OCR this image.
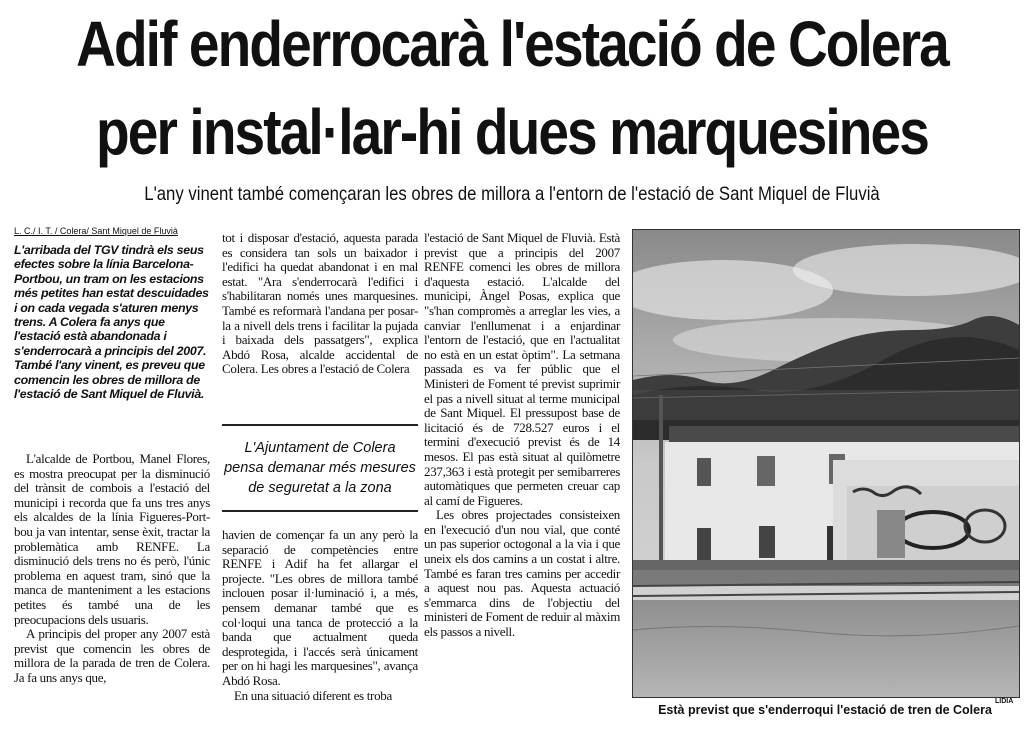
Adif enderrocarà l'estació de Colera
per instal·lar-hi dues marquesines
L'any vinent també començaran les obres de millora a l'entorn de l'estació de Sant Miquel de Fluvià
L. C./ I. T. / Colera/ Sant Miquel de Fluvià
L'arribada del TGV tindrà els seus efectes sobre la línia Barcelona-Portbou, un tram on les estacions més petites han estat descuidades i on cada vegada s'aturen menys trens. A Colera fa anys que l'estació està abandonada i s'enderrocarà a principis del 2007. També l'any vinent, es preveu que comencin les obres de millora de l'estació de Sant Miquel de Fluvià.

L'alcalde de Portbou, Manel Flores, es mostra preocupat per la disminució del trànsit de combois a l'estació del municipi i recorda que fa uns tres anys els alcaldes de la línia Figueres-Port-bou ja van intentar, sense èxit, tractar la problemàtica amb RENFE. La disminució dels trens no és però, l'únic problema en aquest tram, sinó que la manca de manteniment a les estacions petites és també una de les preocupacions dels usuaris.

A principis del proper any 2007 està previst que comencin les obres de millora de la parada de tren de Colera. Ja fa uns anys que,

tot i disposar d'estació, aquesta parada es considera tan sols un baixador i l'edifici ha quedat abandonat i en mal estat. "Ara s'enderrocarà l'edifici i s'habilitaran només unes marquesines. També es reformarà l'andana per posar-la a nivell dels trens i facilitar la pujada i baixada dels passatgers", explica Abdó Rosa, alcalde accidental de Colera. Les obres a l'estació de Colera

L'Ajuntament de Colera
pensa demanar més mesures
de seguretat a la zona

havien de començar fa un any però la separació de competències entre RENFE i Adif ha fet allargar el projecte. "Les obres de millora també inclouen posar il·luminació i, a més, pensem demanar també que es col·loqui una tanca de protecció a la banda que actualment queda desprotegida, i l'accés serà únicament per on hi hagi les marquesines", avança Abdó Rosa.

En una situació diferent es troba

l'estació de Sant Miquel de Fluvià. Està previst que a principis del 2007 RENFE comenci les obres de millora d'aquesta estació. L'alcalde del municipi, Àngel Posas, explica que "s'han compromès a arreglar les vies, a canviar l'enllumenat i a enjardinar l'entorn de l'estació, que en l'actualitat no està en un estat òptim". La setmana passada es va fer públic que el Ministeri de Foment té previst suprimir el pas a nivell situat al terme municipal de Sant Miquel. El pressupost base de licitació és de 728.527 euros i el termini d'execució previst és de 14 mesos. El pas està situat al quilòmetre 237,363 i està protegit per semibarreres automàtiques que permeten creuar cap al camí de Figueres.

Les obres projectades consisteixen en l'execució d'un nou vial, que conté un pas superior octogonal a la via i que uneix els dos camins a un costat i altre. També es faran tres camins per accedir a aquest nou pas. Aquesta actuació s'emmarca dins de l'objectiu del ministeri de Foment de reduir al màxim els passos a nivell.

LIDIA
Està previst que s'enderroqui l'estació de tren de Colera
